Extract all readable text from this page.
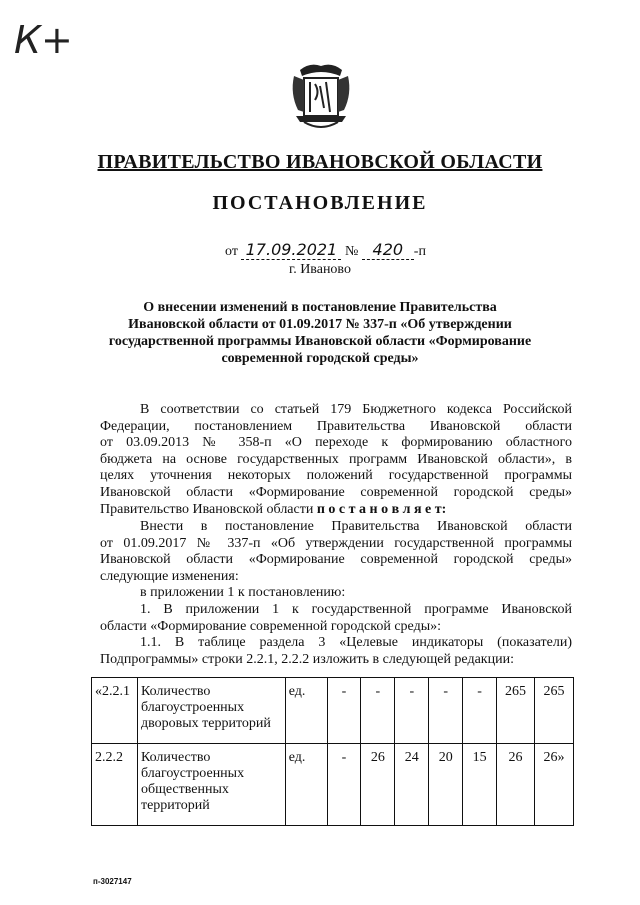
К+
ПРАВИТЕЛЬСТВО ИВАНОВСКОЙ ОБЛАСТИ
ПОСТАНОВЛЕНИЕ
от 17.09.2021 № 420 -п
г. Иваново
О внесении изменений в постановление Правительства
Ивановской области от 01.09.2017 № 337-п «Об утверждении
государственной программы Ивановской области «Формирование
современной городской среды»
В соответствии со статьей 179 Бюджетного кодекса Российской
Федерации, постановлением Правительства Ивановской области
от 03.09.2013 № 358-п «О переходе к формированию областного
бюджета на основе государственных программ Ивановской области», в
целях уточнения некоторых положений государственной программы
Ивановской области «Формирование современной городской среды»
Правительство Ивановской области п о с т а н о в л я е т:
Внести в постановление Правительства Ивановской области
от 01.09.2017 № 337-п «Об утверждении государственной программы
Ивановской области «Формирование современной городской среды»
следующие изменения:
в приложении 1 к постановлению:
1. В приложении 1 к государственной программе Ивановской
области «Формирование современной городской среды»:
1.1. В таблице раздела 3 «Целевые индикаторы (показатели)
Подпрограммы» строки 2.2.1, 2.2.2 изложить в следующей редакции:
«2.2.1	Количество благоустроенных дворовых территорий	ед.	-	-	-	-	-	265	265
2.2.2	Количество благоустроенных общественных территорий	ед.	-	26	24	20	15	26	26»
п-3027147
